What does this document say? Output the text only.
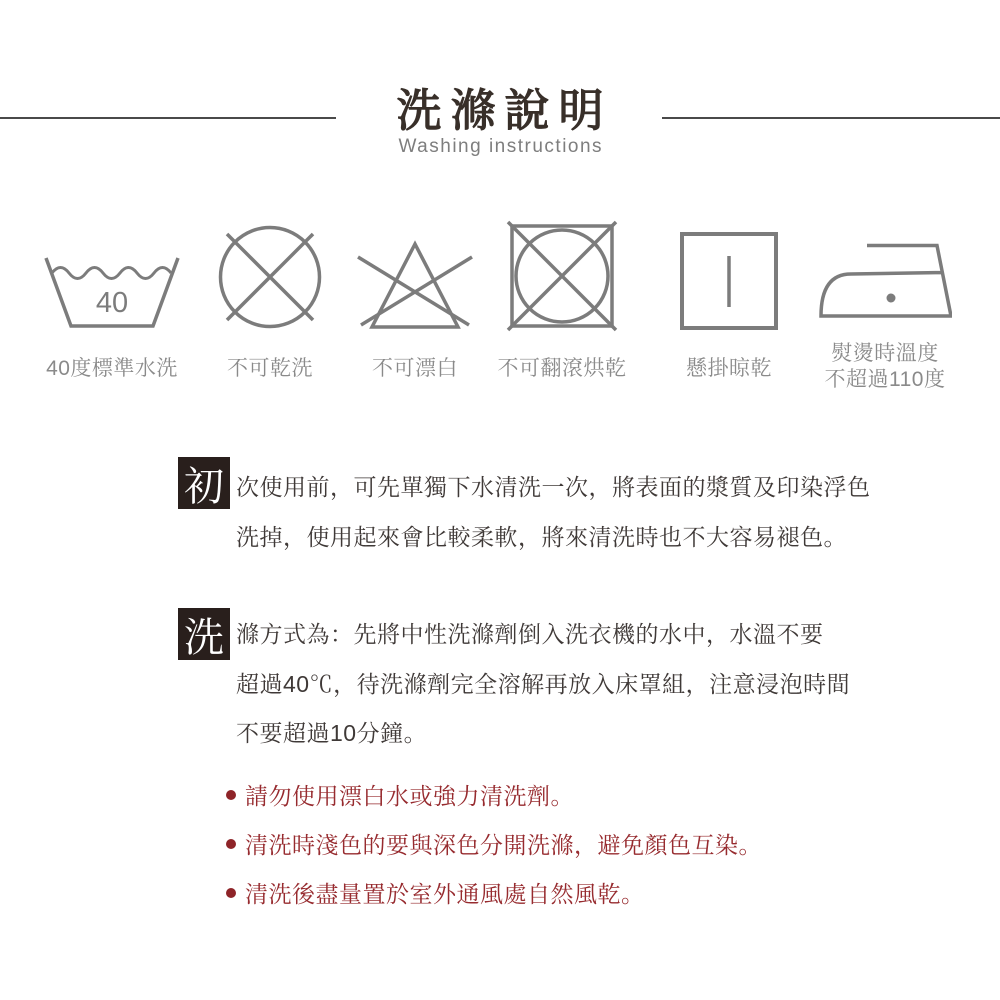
洗滌說明
Washing instructions
40
40度標準水洗	不可乾洗	不可漂白	不可翻滾烘乾	懸掛晾乾
熨燙時溫度
不超過110度
初 次使用前，可先單獨下水清洗一次，將表面的漿質及印染浮色
洗掉，使用起來會比較柔軟，將來清洗時也不大容易褪色。
洗 滌方式為：先將中性洗滌劑倒入洗衣機的水中，水溫不要
超過40℃，待洗滌劑完全溶解再放入床罩組，注意浸泡時間
不要超過10分鐘。
請勿使用漂白水或強力清洗劑。
清洗時淺色的要與深色分開洗滌，避免顏色互染。
清洗後盡量置於室外通風處自然風乾。
